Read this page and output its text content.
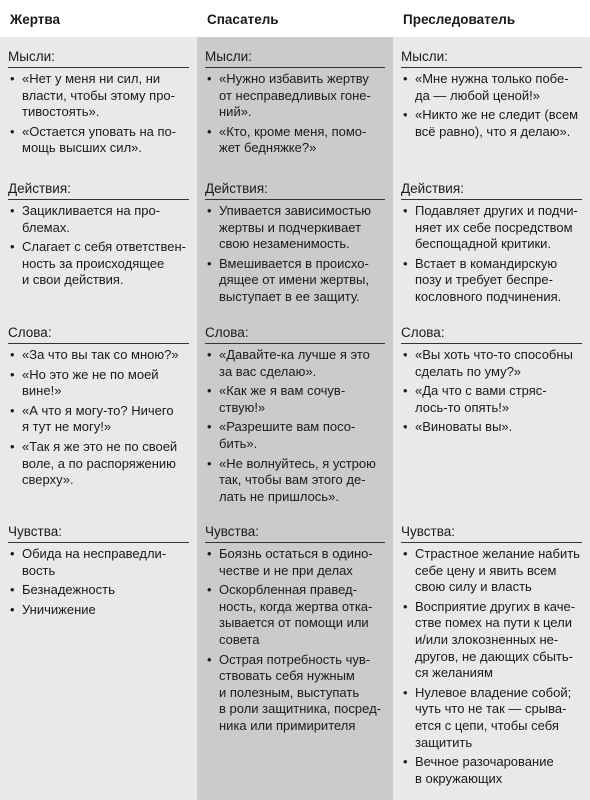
Жертва
Мысли:
• «Нет у меня ни сил, ни
власти, чтобы этому про-
тивостоять».
• «Остается уповать на по-
мощь высших сил».
Действия:
• Зацикливается на про-
блемах.
• Слагает с себя ответствен-
ность за происходящее
и свои действия.
Слова:
• «За что вы так со мною?»
• «Но это же не по моей
вине!»
• «А что я могу-то? Ничего
я тут не могу!»
• «Так я же это не по своей
воле, а по распоряжению
сверху».
Чувства:
• Обида на несправедли-
вость
• Безнадежность
• Уничижение
Спасатель
Мысли:
• «Нужно избавить жертву
от несправедливых гоне-
ний».
• «Кто, кроме меня, помо-
жет бедняжке?»
Действия:
• Упивается зависимостью
жертвы и подчеркивает
свою незаменимость.
• Вмешивается в происхо-
дящее от имени жертвы,
выступает в ее защиту.
Слова:
• «Давайте-ка лучше я это
за вас сделаю».
• «Как же я вам сочув-
ствую!»
• «Разрешите вам посо-
бить».
• «Не волнуйтесь, я устрою
так, чтобы вам этого де-
лать не пришлось».
Чувства:
• Боязнь остаться в одино-
честве и не при делах
• Оскорбленная правед-
ность, когда жертва отка-
зывается от помощи или
совета
• Острая потребность чув-
ствовать себя нужным
и полезным, выступать
в роли защитника, посред-
ника или примирителя
Преследователь
Мысли:
• «Мне нужна только побе-
да — любой ценой!»
• «Никто же не следит (всем
всё равно), что я делаю».
Действия:
• Подавляет других и подчи-
няет их себе посредством
беспощадной критики.
• Встает в командирскую
позу и требует беспре-
кословного подчинения.
Слова:
• «Вы хоть что-то способны
сделать по уму?»
• «Да что с вами стряс-
лось-то опять!»
• «Виноваты вы».
Чувства:
• Страстное желание набить
себе цену и явить всем
свою силу и власть
• Восприятие других в каче-
стве помех на пути к цели
и/или злокозненных не-
другов, не дающих сбыть-
ся желаниям
• Нулевое владение собой;
чуть что не так — срыва-
ется с цепи, чтобы себя
защитить
• Вечное разочарование
в окружающих
